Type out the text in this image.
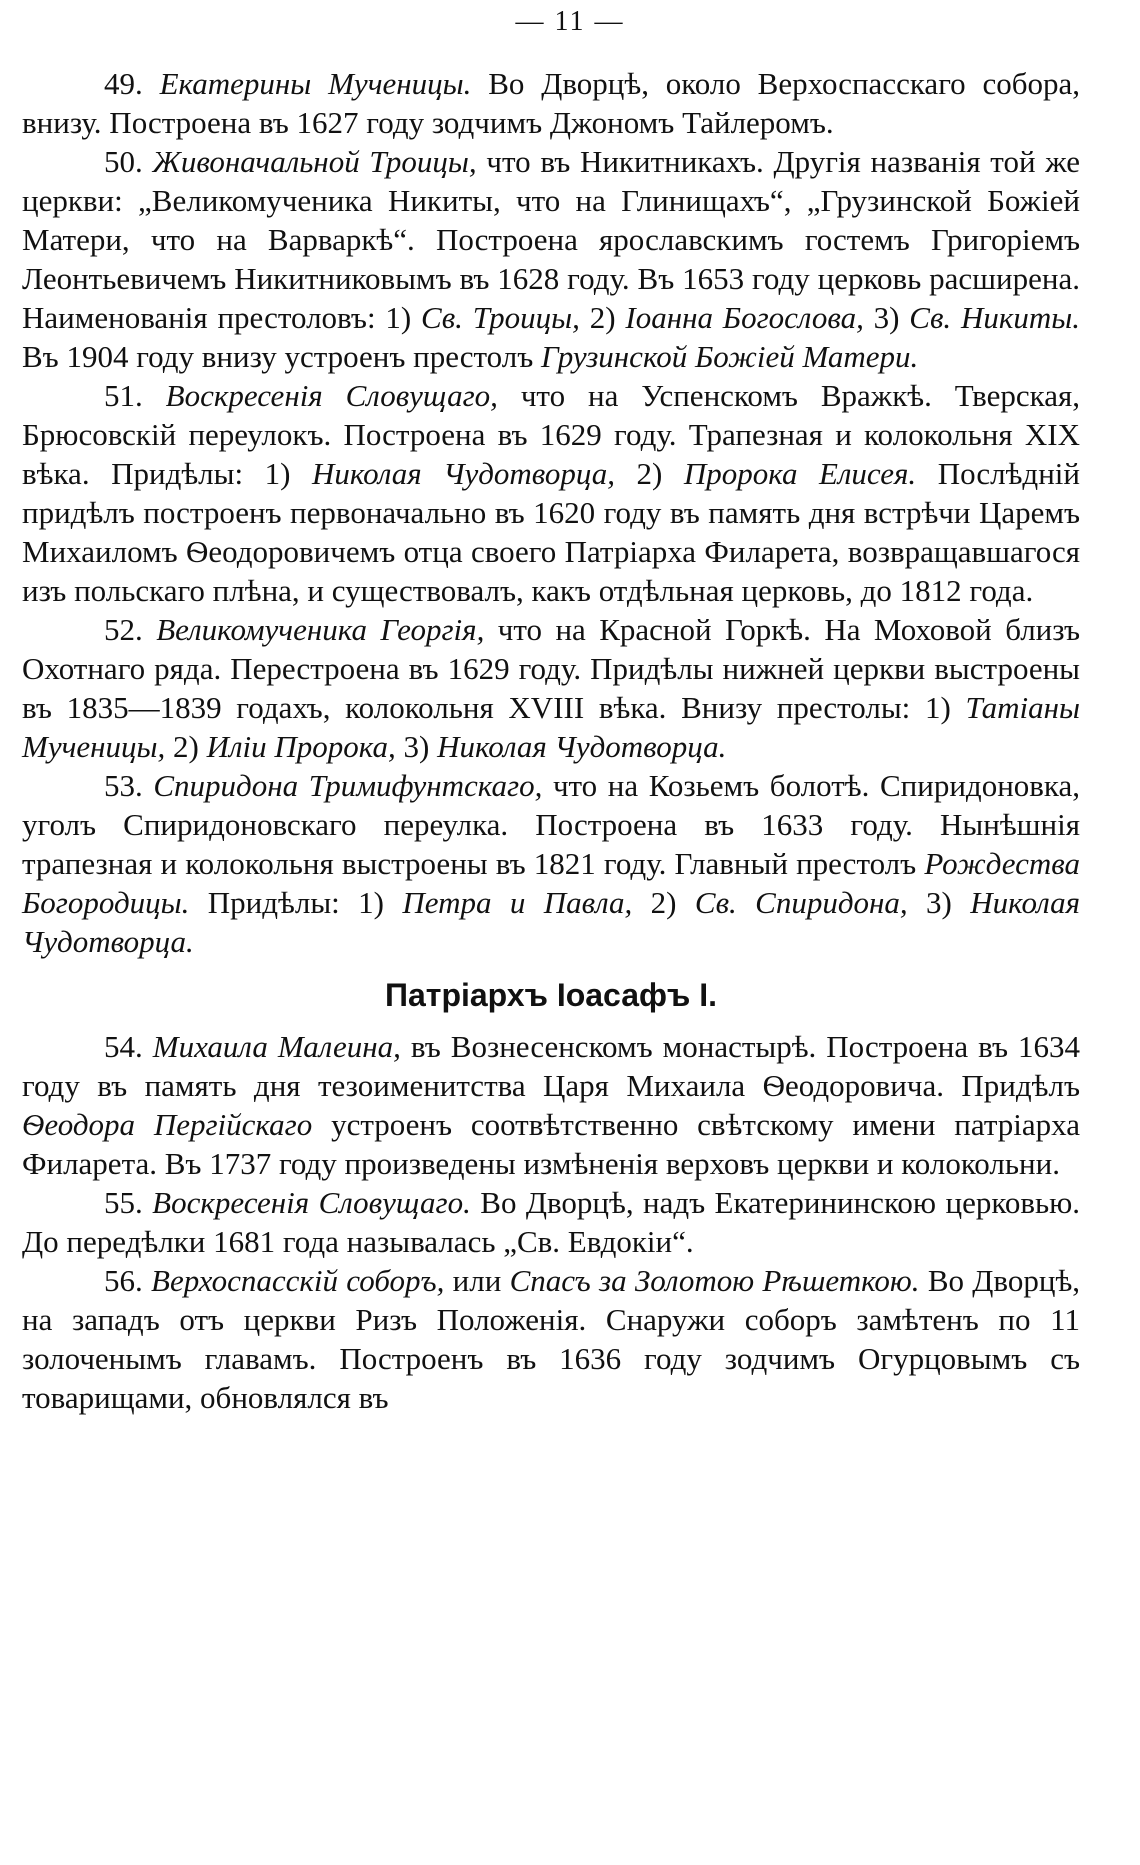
— 11 —

49. Екатерины Мученицы. Во Дворцѣ, около Верхоспасскаго собора, внизу. Построена въ 1627 году зодчимъ Джономъ Тайлеромъ.

50. Живоначальной Троицы, что въ Никитникахъ. Другія названія той же церкви: „Великомученика Никиты, что на Глинищахъ“, „Грузинской Божіей Матери, что на Варваркѣ“. Построена ярославскимъ гостемъ Григоріемъ Леонтьевичемъ Никитниковымъ въ 1628 году. Въ 1653 году церковь расширена. Наименованія престоловъ: 1) Св. Троицы, 2) Іоанна Богослова, 3) Св. Никиты. Въ 1904 году внизу устроенъ престолъ Грузинской Божіей Матери.

51. Воскресенія Словущаго, что на Успенскомъ Вражкѣ. Тверская, Брюсовскій переулокъ. Построена въ 1629 году. Трапезная и колокольня XIX вѣка. Придѣлы: 1) Николая Чудотворца, 2) Пророка Елисея. Послѣдній придѣлъ построенъ первоначально въ 1620 году въ память дня встрѣчи Царемъ Михаиломъ Ѳеодоровичемъ отца своего Патріарха Филарета, возвращавшагося изъ польскаго плѣна, и существовалъ, какъ отдѣльная церковь, до 1812 года.

52. Великомученика Георгія, что на Красной Горкѣ. На Моховой близъ Охотнаго ряда. Перестроена въ 1629 году. Придѣлы нижней церкви выстроены въ 1835—1839 годахъ, колокольня XVIII вѣка. Внизу престолы: 1) Татіаны Мученицы, 2) Иліи Пророка, 3) Николая Чудотворца.

53. Спиридона Тримифунтскаго, что на Козьемъ болотѣ. Спиридоновка, уголъ Спиридоновскаго переулка. Построена въ 1633 году. Нынѣшнія трапезная и колокольня выстроены въ 1821 году. Главный престолъ Рождества Богородицы. Придѣлы: 1) Петра и Павла, 2) Св. Спиридона, 3) Николая Чудотворца.

Патріархъ Іоасафъ І.

54. Михаила Малеина, въ Вознесенскомъ монастырѣ. Построена въ 1634 году въ память дня тезоименитства Царя Михаила Ѳеодоровича. Придѣлъ Ѳеодора Пергійскаго устроенъ соотвѣтственно свѣтскому имени патріарха Филарета. Въ 1737 году произведены измѣненія верховъ церкви и колокольни.

55. Воскресенія Словущаго. Во Дворцѣ, надъ Екатерининскою церковью. До передѣлки 1681 года называлась „Св. Евдокіи“.

56. Верхоспасскій соборъ, или Спасъ за Золотою Рѣшеткою. Во Дворцѣ, на западъ отъ церкви Ризъ Положенія. Снаружи соборъ замѣтенъ по 11 золоченымъ главамъ. Построенъ въ 1636 году зодчимъ Огурцовымъ съ товарищами, обновлялся въ
